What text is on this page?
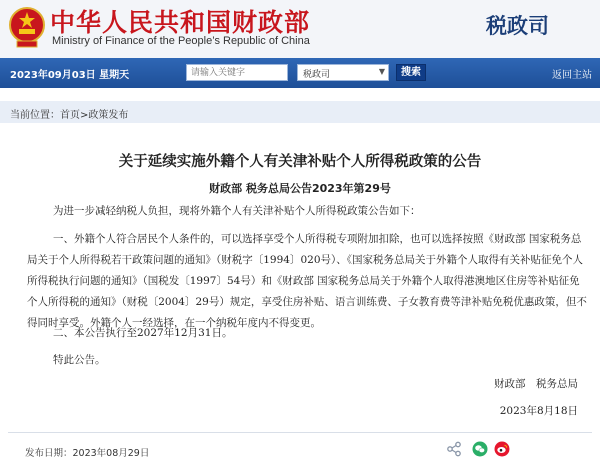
中华人民共和国财政部
Ministry of Finance of the People’s Republic of China
税政司
2023年09月03日 星期天
请输入关键字	税政司	▼	搜索	返回主站
当前位置：首页>政策发布
关于延续实施外籍个人有关津补贴个人所得税政策的公告
财政部 税务总局公告2023年第29号
为进一步减轻纳税人负担，现将外籍个人有关津补贴个人所得税政策公告如下：
一、外籍个人符合居民个人条件的，可以选择享受个人所得税专项附加扣除，也可以选择按照《财政部 国家税务总局关于个人所得税若干政策问题的通知》（财税字〔1994〕020号）、《国家税务总局关于外籍个人取得有关补贴征免个人所得税执行问题的通知》（国税发〔1997〕54号）和《财政部 国家税务总局关于外籍个人取得港澳地区住房等补贴征免个人所得税的通知》（财税〔2004〕29号）规定，享受住房补贴、语言训练费、子女教育费等津补贴免税优惠政策，但不得同时享受。外籍个人一经选择，在一个纳税年度内不得变更。
二、本公告执行至2027年12月31日。
特此公告。
财政部　税务总局
2023年8月18日
发布日期：2023年08月29日
